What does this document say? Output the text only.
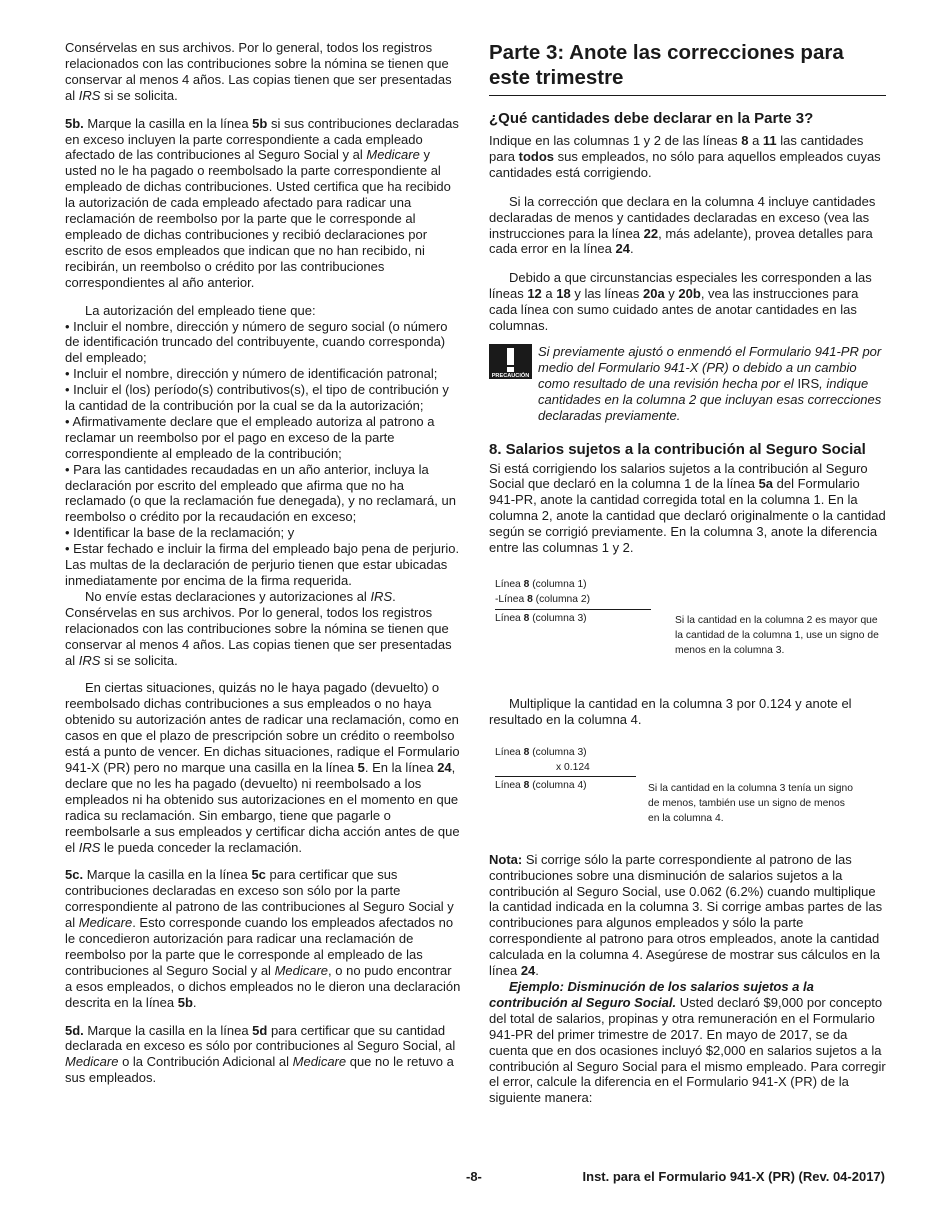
Consérvelas en sus archivos. Por lo general, todos los registros relacionados con las contribuciones sobre la nómina se tienen que conservar al menos 4 años. Las copias tienen que ser presentadas al IRS si se solicita.

5b. Marque la casilla en la línea 5b si sus contribuciones declaradas en exceso incluyen la parte correspondiente a cada empleado afectado de las contribuciones al Seguro Social y al Medicare y usted no le ha pagado o reembolsado la parte correspondiente al empleado de dichas contribuciones. Usted certifica que ha recibido la autorización de cada empleado afectado para radicar una reclamación de reembolso por la parte que le corresponde al empleado de dichas contribuciones y recibió declaraciones por escrito de esos empleados que indican que no han recibido, ni recibirán, un reembolso o crédito por las contribuciones correspondientes al año anterior.

La autorización del empleado tiene que:

• Incluir el nombre, dirección y número de seguro social (o número de identificación truncado del contribuyente, cuando corresponda) del empleado;

• Incluir el nombre, dirección y número de identificación patronal;

• Incluir el (los) período(s) contributivos(s), el tipo de contribución y la cantidad de la contribución por la cual se da la autorización;

• Afirmativamente declare que el empleado autoriza al patrono a reclamar un reembolso por el pago en exceso de la parte correspondiente al empleado de la contribución;

• Para las cantidades recaudadas en un año anterior, incluya la declaración por escrito del empleado que afirma que no ha reclamado (o que la reclamación fue denegada), y no reclamará, un reembolso o crédito por la recaudación en exceso;

• Identificar la base de la reclamación; y

• Estar fechado e incluir la firma del empleado bajo pena de perjurio. Las multas de la declaración de perjurio tienen que estar ubicadas inmediatamente por encima de la firma requerida.

No envíe estas declaraciones y autorizaciones al IRS. Consérvelas en sus archivos. Por lo general, todos los registros relacionados con las contribuciones sobre la nómina se tienen que conservar al menos 4 años. Las copias tienen que ser presentadas al IRS si se solicita.

En ciertas situaciones, quizás no le haya pagado (devuelto) o reembolsado dichas contribuciones a sus empleados o no haya obtenido su autorización antes de radicar una reclamación, como en casos en que el plazo de prescripción sobre un crédito o reembolso está a punto de vencer. En dichas situaciones, radique el Formulario 941-X (PR) pero no marque una casilla en la línea 5. En la línea 24, declare que no les ha pagado (devuelto) ni reembolsado a los empleados ni ha obtenido sus autorizaciones en el momento en que radica su reclamación. Sin embargo, tiene que pagarle o reembolsarle a sus empleados y certificar dicha acción antes de que el IRS le pueda conceder la reclamación.

5c. Marque la casilla en la línea 5c para certificar que sus contribuciones declaradas en exceso son sólo por la parte correspondiente al patrono de las contribuciones al Seguro Social y al Medicare. Esto corresponde cuando los empleados afectados no le concedieron autorización para radicar una reclamación de reembolso por la parte que le corresponde al empleado de las contribuciones al Seguro Social y al Medicare, o no pudo encontrar a esos empleados, o dichos empleados no le dieron una declaración descrita en la línea 5b.

5d. Marque la casilla en la línea 5d para certificar que su cantidad declarada en exceso es sólo por contribuciones al Seguro Social, al Medicare o la Contribución Adicional al Medicare que no le retuvo a sus empleados.

Parte 3: Anote las correcciones para este trimestre
¿Qué cantidades debe declarar en la Parte 3?

Indique en las columnas 1 y 2 de las líneas 8 a 11 las cantidades para todos sus empleados, no sólo para aquellos empleados cuyas cantidades está corrigiendo.

Si la corrección que declara en la columna 4 incluye cantidades declaradas de menos y cantidades declaradas en exceso (vea las instrucciones para la línea 22, más adelante), provea detalles para cada error en la línea 24.

Debido a que circunstancias especiales les corresponden a las líneas 12 a 18 y las líneas 20a y 20b, vea las instrucciones para cada línea con sumo cuidado antes de anotar cantidades en las columnas.

PRECAUCIÓN
Si previamente ajustó o enmendó el Formulario 941-PR por medio del Formulario 941-X (PR) o debido a un cambio como resultado de una revisión hecha por el IRS, indique cantidades en la columna 2 que incluyan esas correcciones declaradas previamente.
8. Salarios sujetos a la contribución al Seguro Social

Si está corrigiendo los salarios sujetos a la contribución al Seguro Social que declaró en la columna 1 de la línea 5a del Formulario 941-PR, anote la cantidad corregida total en la columna 1. En la columna 2, anote la cantidad que declaró originalmente o la cantidad según se corrigió previamente. En la columna 3, anote la diferencia entre las columnas 1 y 2.

Línea 8 (columna 1)
-Línea 8 (columna 2)
Línea 8 (columna 3)	Si la cantidad en la columna 2 es mayor que la cantidad de la columna 1, use un signo de menos en la columna 3.

Multiplique la cantidad en la columna 3 por 0.124 y anote el resultado en la columna 4.

Línea 8 (columna 3)
x 0.124
Línea 8 (columna 4)	Si la cantidad en la columna 3 tenía un signo de menos, también use un signo de menos en la columna 4.

Nota: Si corrige sólo la parte correspondiente al patrono de las contribuciones sobre una disminución de salarios sujetos a la contribución al Seguro Social, use 0.062 (6.2%) cuando multiplique la cantidad indicada en la columna 3. Si corrige ambas partes de las contribuciones para algunos empleados y sólo la parte correspondiente al patrono para otros empleados, anote la cantidad calculada en la columna 4. Asegúrese de mostrar sus cálculos en la línea 24.

Ejemplo: Disminución de los salarios sujetos a la contribución al Seguro Social. Usted declaró $9,000 por concepto del total de salarios, propinas y otra remuneración en el Formulario 941-PR del primer trimestre de 2017. En mayo de 2017, se da cuenta que en dos ocasiones incluyó $2,000 en salarios sujetos a la contribución al Seguro Social para el mismo empleado. Para corregir el error, calcule la diferencia en el Formulario 941-X (PR) de la siguiente manera:

-8-	Inst. para el Formulario 941-X (PR) (Rev. 04-2017)
